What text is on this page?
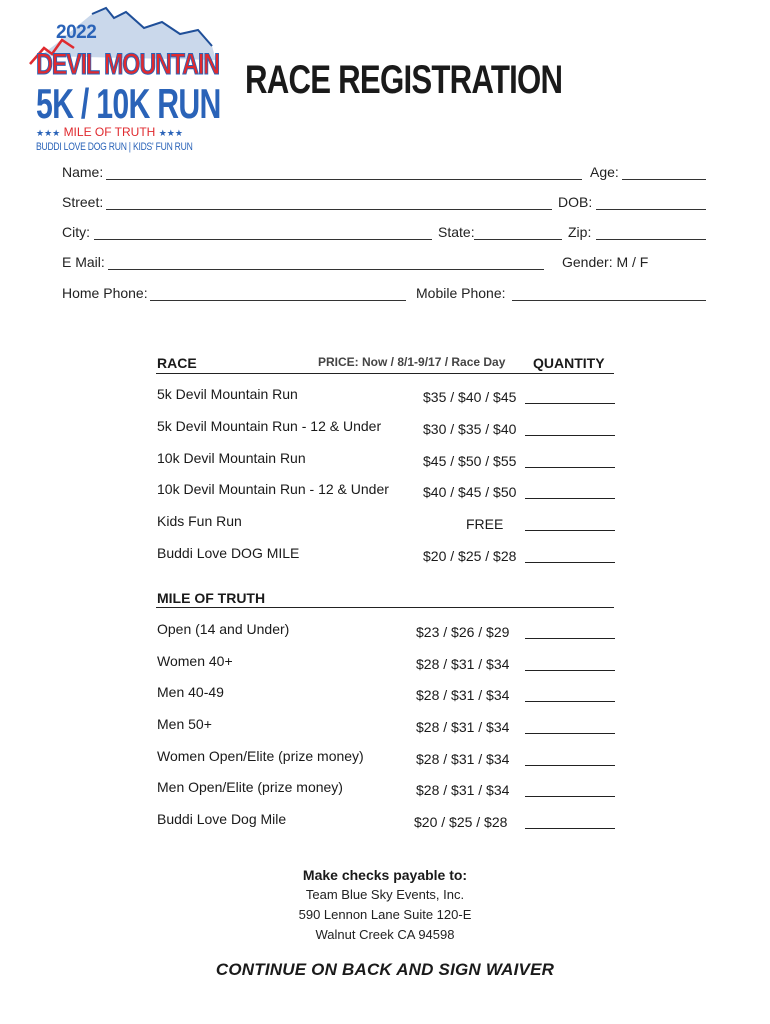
2022
DEVIL MOUNTAIN
5K / 10K RUN
★★★ MILE OF TRUTH ★★★
BUDDI LOVE DOG RUN | KIDS' FUN RUN
RACE REGISTRATION
Name:	Age:
Street:	DOB:
City:	State:	Zip:
E Mail:	Gender: M / F
Home Phone:	Mobile Phone:
RACE	PRICE: Now / 8/1-9/17 / Race Day QUANTITY
5k Devil Mountain Run	$35 / $40 / $45
5k Devil Mountain Run - 12 & Under	$30 / $35 / $40
10k Devil Mountain Run	$45 / $50 / $55
10k Devil Mountain Run - 12 & Under $40 / $45 / $50
Kids Fun Run	FREE
Buddi Love DOG MILE	$20 / $25 / $28
MILE OF TRUTH
Open (14 and Under)	$23 / $26 / $29
Women 40+	$28 / $31 / $34
Men 40-49	$28 / $31 / $34
Men 50+	$28 / $31 / $34
Women Open/Elite (prize money)	$28 / $31 / $34
Men Open/Elite (prize money)	$28 / $31 / $34
Buddi Love Dog Mile	$20 / $25 / $28
Make checks payable to:
Team Blue Sky Events, Inc.
590 Lennon Lane Suite 120-E
Walnut Creek CA 94598
CONTINUE ON BACK AND SIGN WAIVER
